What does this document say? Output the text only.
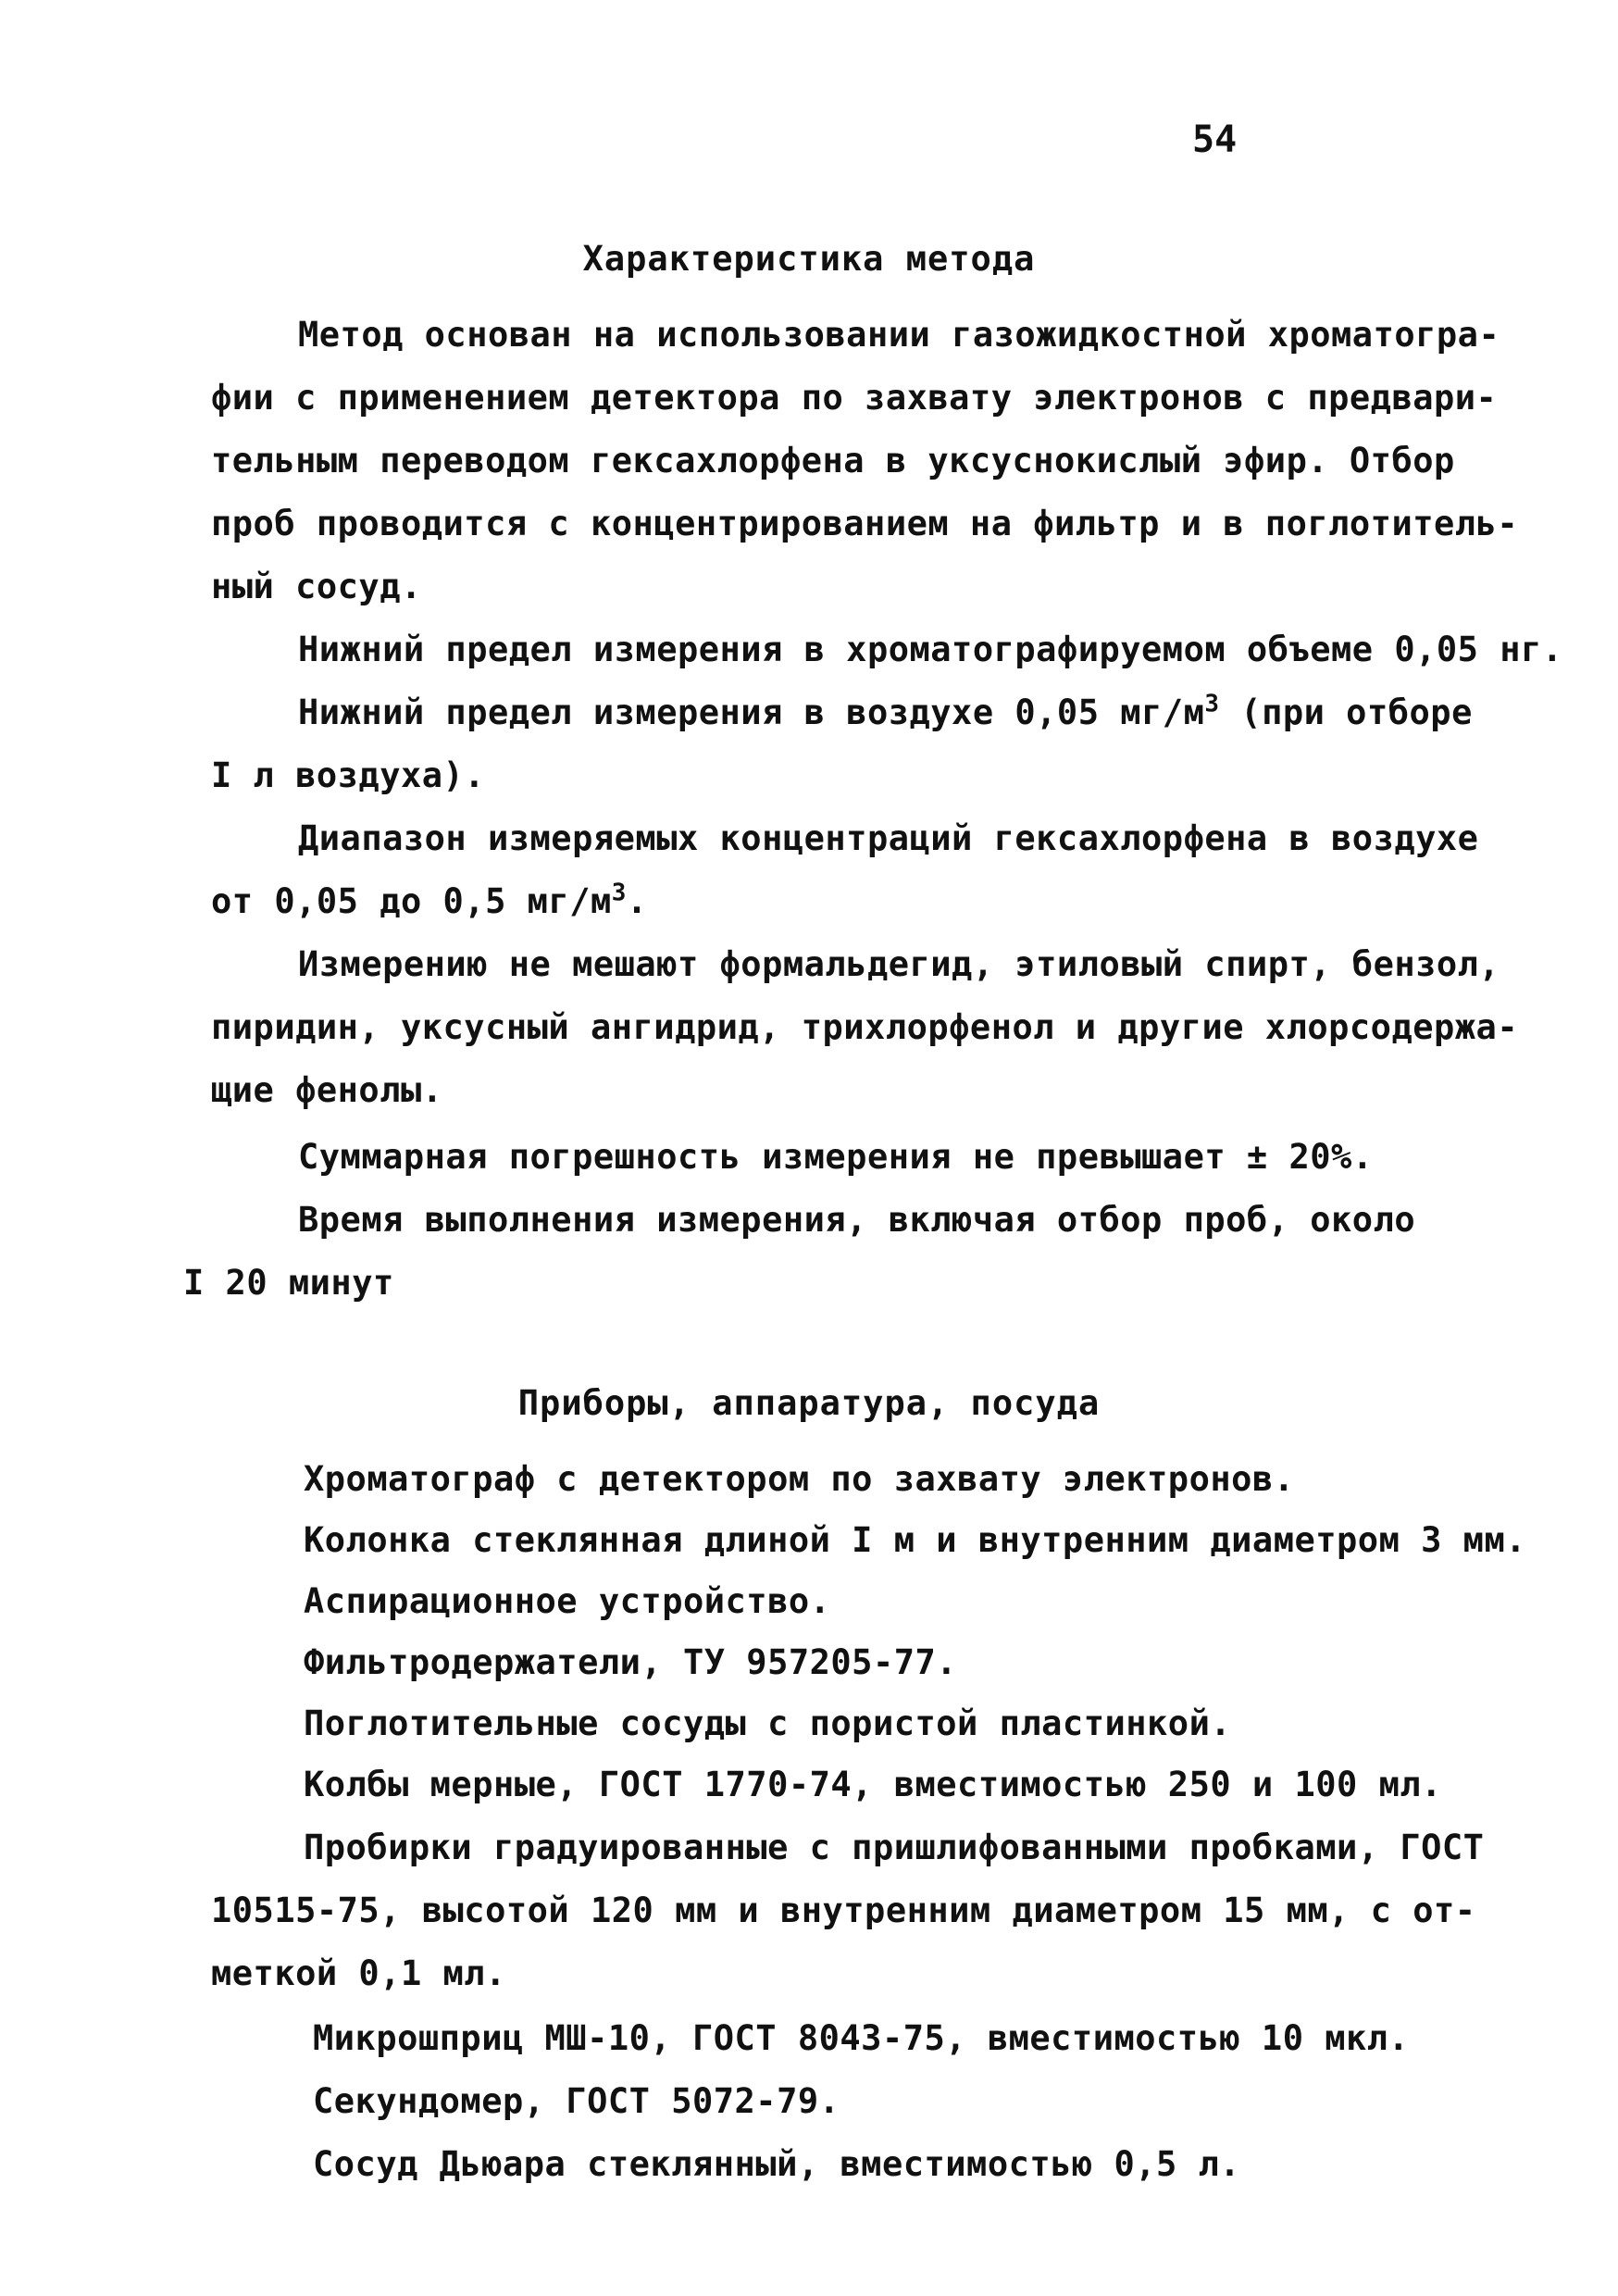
54
Характеристика метода
Метод основан на использовании газожидкостной хроматогра-
фии с применением детектора по захвату электронов с предвари-
тельным переводом гексахлорфена в уксуснокислый эфир. Отбор
проб проводится с концентрированием на фильтр и в поглотитель-
ный сосуд.
Нижний предел измерения в хроматографируемом объеме 0,05 нг.
Нижний предел измерения в воздухе 0,05 $мг/м^3$ (при отборе
I л воздуха).
Диапазон измеряемых концентраций гексахлорфена в воздухе
от 0,05 до 0,5 $мг/м^3$.
Измерению не мешают формальдегид, этиловый спирт, бензол,
пиридин, уксусный ангидрид, трихлорфенол и другие хлорсодержа-
щие фенолы.
Суммарная погрешность измерения не превышает ± 20%.
Время выполнения измерения, включая отбор проб, около
I 20 минут
Приборы, аппаратура, посуда
Хроматограф с детектором по захвату электронов.
Колонка стеклянная длиной I м и внутренним диаметром 3 мм.
Аспирационное устройство.
Фильтродержатели, ТУ 957205-77.
Поглотительные сосуды с пористой пластинкой.
Колбы мерные, ГОСТ 1770-74, вместимостью 250 и 100 мл.
Пробирки градуированные с пришлифованными пробками, ГОСТ
10515-75, высотой 120 мм и внутренним диаметром 15 мм, с от-
меткой 0,1 мл.
Микрошприц МШ-10, ГОСТ 8043-75, вместимостью 10 мкл.
Секундомер, ГОСТ 5072-79.
Сосуд Дьюара стеклянный, вместимостью 0,5 л.
